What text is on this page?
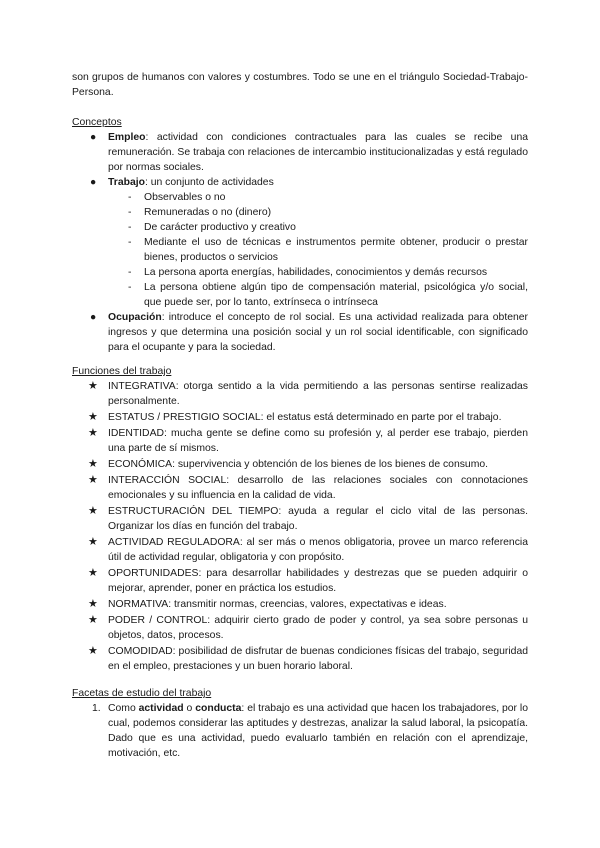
son grupos de humanos con valores y costumbres. Todo se une en el triángulo Sociedad-Trabajo-Persona.

Conceptos

● Empleo: actividad con condiciones contractuales para las cuales se recibe una remuneración. Se trabaja con relaciones de intercambio institucionalizadas y está regulado por normas sociales.
● Trabajo: un conjunto de actividades
- Observables o no
- Remuneradas o no (dinero)
- De carácter productivo y creativo
- Mediante el uso de técnicas e instrumentos permite obtener, producir o prestar bienes, productos o servicios
- La persona aporta energías, habilidades, conocimientos y demás recursos
- La persona obtiene algún tipo de compensación material, psicológica y/o social, que puede ser, por lo tanto, extrínseca o intrínseca
● Ocupación: introduce el concepto de rol social. Es una actividad realizada para obtener ingresos y que determina una posición social y un rol social identificable, con significado para el ocupante y para la sociedad.

Funciones del trabajo

★ INTEGRATIVA: otorga sentido a la vida permitiendo a las personas sentirse realizadas personalmente.
★ ESTATUS / PRESTIGIO SOCIAL: el estatus está determinado en parte por el trabajo.
★ IDENTIDAD: mucha gente se define como su profesión y, al perder ese trabajo, pierden una parte de sí mismos.
★ ECONÓMICA: supervivencia y obtención de los bienes de los bienes de consumo.
★ INTERACCIÓN SOCIAL: desarrollo de las relaciones sociales con connotaciones emocionales y su influencia en la calidad de vida.
★ ESTRUCTURACIÓN DEL TIEMPO: ayuda a regular el ciclo vital de las personas. Organizar los días en función del trabajo.
★ ACTIVIDAD REGULADORA: al ser más o menos obligatoria, provee un marco referencia útil de actividad regular, obligatoria y con propósito.
★ OPORTUNIDADES: para desarrollar habilidades y destrezas que se pueden adquirir o mejorar, aprender, poner en práctica los estudios.
★ NORMATIVA: transmitir normas, creencias, valores, expectativas e ideas.
★ PODER / CONTROL: adquirir cierto grado de poder y control, ya sea sobre personas u objetos, datos, procesos.
★ COMODIDAD: posibilidad de disfrutar de buenas condiciones físicas del trabajo, seguridad en el empleo, prestaciones y un buen horario laboral.

Facetas de estudio del trabajo

1. Como actividad o conducta: el trabajo es una actividad que hacen los trabajadores, por lo cual, podemos considerar las aptitudes y destrezas, analizar la salud laboral, la psicopatía. Dado que es una actividad, puedo evaluarlo también en relación con el aprendizaje, motivación, etc.
